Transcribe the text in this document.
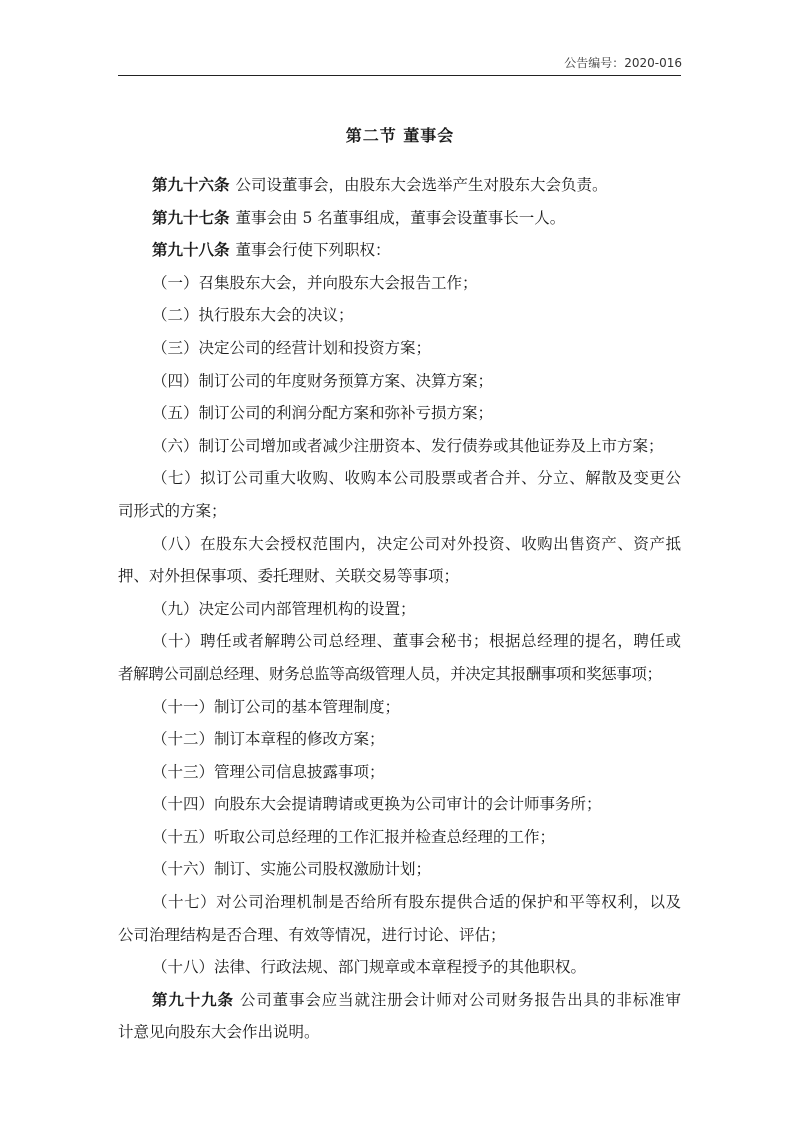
公告编号：2020-016
第二节 董事会
第九十六条 公司设董事会，由股东大会选举产生对股东大会负责。
第九十七条 董事会由 5 名董事组成，董事会设董事长一人。
第九十八条 董事会行使下列职权：
（一）召集股东大会，并向股东大会报告工作；
（二）执行股东大会的决议；
（三）决定公司的经营计划和投资方案；
（四）制订公司的年度财务预算方案、决算方案；
（五）制订公司的利润分配方案和弥补亏损方案；
（六）制订公司增加或者减少注册资本、发行债券或其他证券及上市方案；
（七）拟订公司重大收购、收购本公司股票或者合并、分立、解散及变更公
司形式的方案；
（八）在股东大会授权范围内，决定公司对外投资、收购出售资产、资产抵
押、对外担保事项、委托理财、关联交易等事项；
（九）决定公司内部管理机构的设置；
（十）聘任或者解聘公司总经理、董事会秘书；根据总经理的提名，聘任或
者解聘公司副总经理、财务总监等高级管理人员，并决定其报酬事项和奖惩事项；
（十一）制订公司的基本管理制度；
（十二）制订本章程的修改方案；
（十三）管理公司信息披露事项；
（十四）向股东大会提请聘请或更换为公司审计的会计师事务所；
（十五）听取公司总经理的工作汇报并检查总经理的工作；
（十六）制订、实施公司股权激励计划；
（十七）对公司治理机制是否给所有股东提供合适的保护和平等权利，以及
公司治理结构是否合理、有效等情况，进行讨论、评估；
（十八）法律、行政法规、部门规章或本章程授予的其他职权。
第九十九条 公司董事会应当就注册会计师对公司财务报告出具的非标准审
计意见向股东大会作出说明。
